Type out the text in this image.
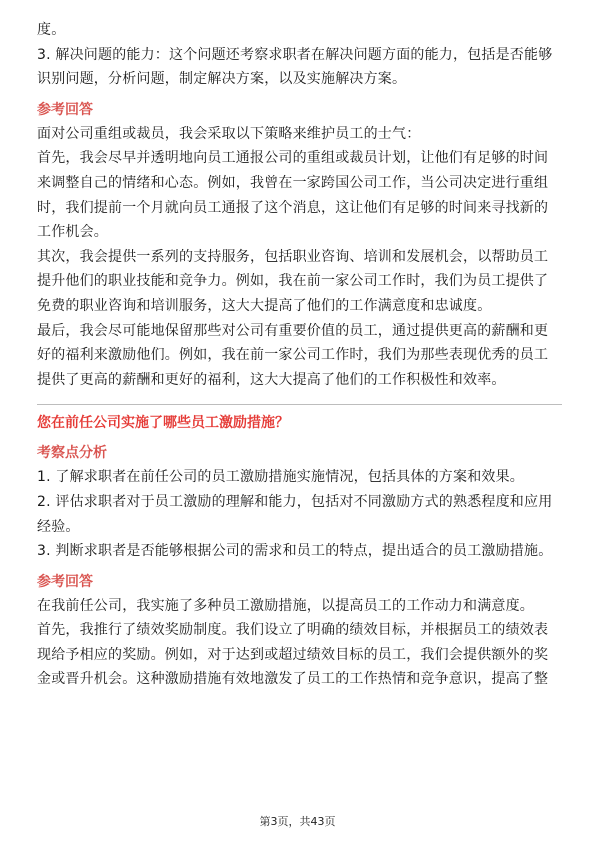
度。

3. 解决问题的能力：这个问题还考察求职者在解决问题方面的能力，包括是否能够

识别问题，分析问题，制定解决方案，以及实施解决方案。

参考回答

面对公司重组或裁员，我会采取以下策略来维护员工的士气：

首先，我会尽早并透明地向员工通报公司的重组或裁员计划，让他们有足够的时间

来调整自己的情绪和心态。例如，我曾在一家跨国公司工作，当公司决定进行重组

时，我们提前一个月就向员工通报了这个消息，这让他们有足够的时间来寻找新的

工作机会。

其次，我会提供一系列的支持服务，包括职业咨询、培训和发展机会，以帮助员工

提升他们的职业技能和竞争力。例如，我在前一家公司工作时，我们为员工提供了

免费的职业咨询和培训服务，这大大提高了他们的工作满意度和忠诚度。

最后，我会尽可能地保留那些对公司有重要价值的员工，通过提供更高的薪酬和更

好的福利来激励他们。例如，我在前一家公司工作时，我们为那些表现优秀的员工

提供了更高的薪酬和更好的福利，这大大提高了他们的工作积极性和效率。

您在前任公司实施了哪些员工激励措施？
考察点分析

1. 了解求职者在前任公司的员工激励措施实施情况，包括具体的方案和效果。

2. 评估求职者对于员工激励的理解和能力，包括对不同激励方式的熟悉程度和应用

经验。

3. 判断求职者是否能够根据公司的需求和员工的特点，提出适合的员工激励措施。

参考回答

在我前任公司，我实施了多种员工激励措施，以提高员工的工作动力和满意度。

首先，我推行了绩效奖励制度。我们设立了明确的绩效目标，并根据员工的绩效表

现给予相应的奖励。例如，对于达到或超过绩效目标的员工，我们会提供额外的奖

金或晋升机会。这种激励措施有效地激发了员工的工作热情和竞争意识，提高了整

第3页，共43页
